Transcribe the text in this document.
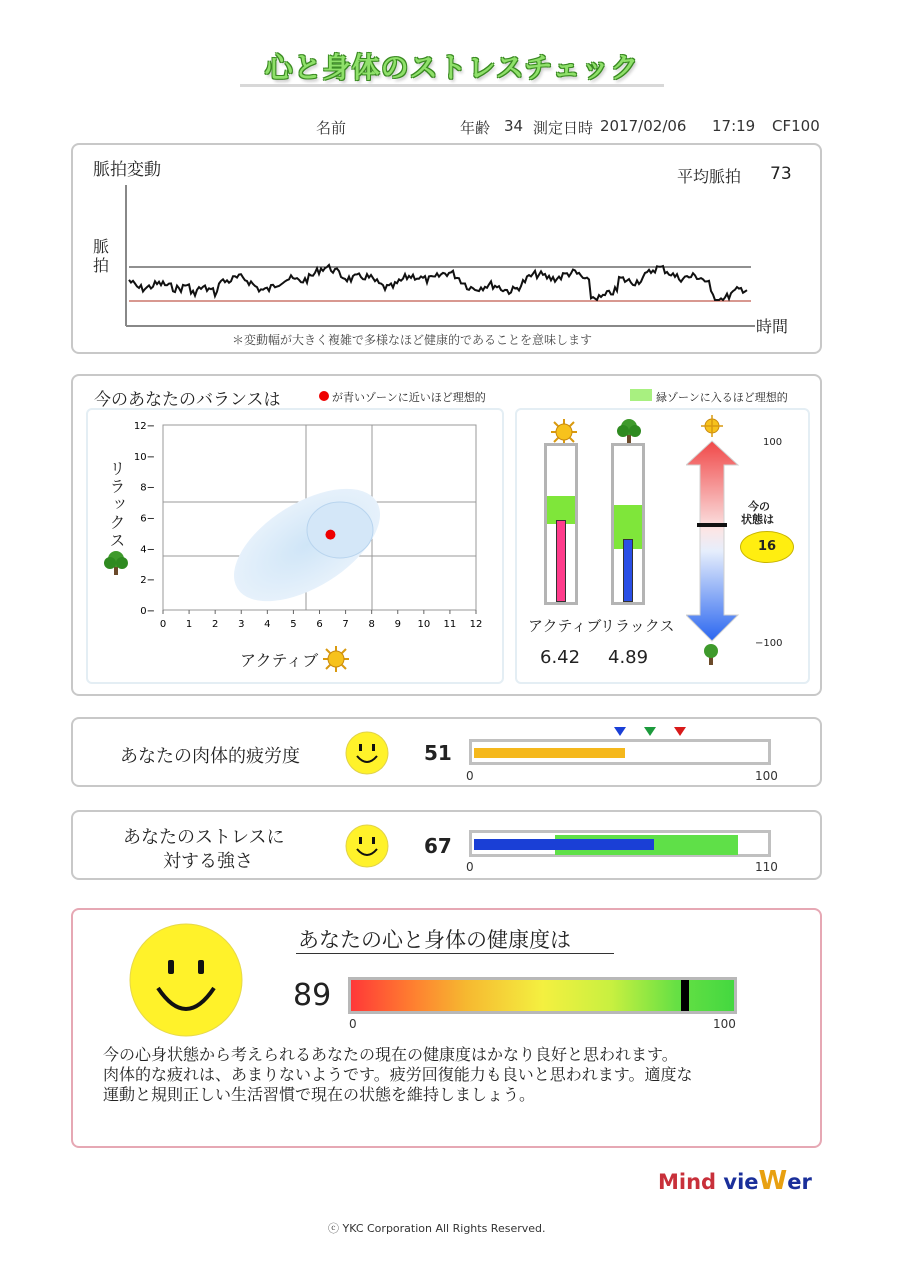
心と身体のストレスチェック
名前	年齢 34 測定日時 2017/02/06 17:19 CF100
脈拍変動	平均脈拍 73
脈
拍
時間
＊変動幅が大きく複雑で多様なほど健康的であることを意味します
今のあなたのバランスは	が青いゾーンに近いほど理想的	緑ゾーンに入るほど理想的
0 1 2 3 4 5 6 7 8 9 10 11 12
0−
2−
4−
6−
8−
10−
12−
リラックス
アクティブ
アクティブ
リラックス
6.42 4.89
100
−100
今の
状態は
16
あなたの肉体的疲労度	51
0	100
あなたのストレスに
対する強さ
67
0	110
あなたの心と身体の健康度は
89
0	100
今の心身状態から考えられるあなたの現在の健康度はかなり良好と思われます。
肉体的な疲れは、あまりないようです。疲労回復能力も良いと思われます。適度な
運動と規則正しい生活習慣で現在の状態を維持しましょう。
Mind vieWer
ⓒ YKC Corporation All Rights Reserved.
